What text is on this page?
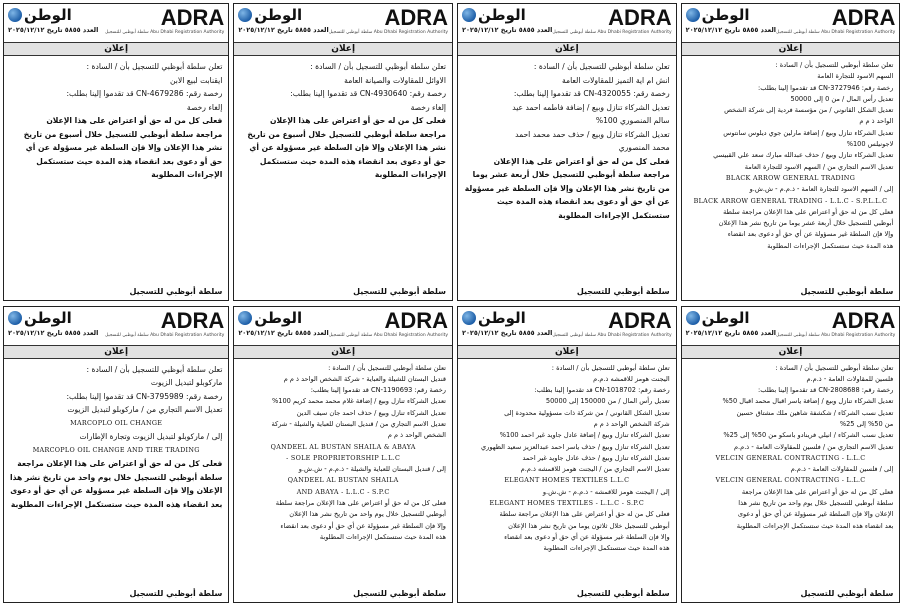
الوطن
العدد ٥٨٥٥ تاريخ ٢٠٢٥/١٢/١٢	ADRA
سلطة أبوظبي للتسجيل Abu Dhabi Registration Authority
إعلان
تعلن سلطة أبوظبي للتسجيل بأن / السادة :
ايقنابت لبيع الابن
رخصة رقم: CN-4679286 قد تقدموا إلينا بطلب:
إلغاء رخصة
فعلى كل من له حق أو اعتراض على هذا الإعلان
مراجعة سلطة أبوظبي للتسجيل خلال أسبوع من تاريخ
نشر هذا الإعلان وإلا فإن السلطة غير مسؤولة عن أي
حق أو دعوى بعد انقضاء هذه المدة حيث ستستكمل
الإجراءات المطلوبة
سلطة أبوظبي للتسجيل
الوطن
العدد ٥٨٥٥ تاريخ ٢٠٢٥/١٢/١٢	ADRA
سلطة أبوظبي للتسجيل Abu Dhabi Registration Authority
إعلان
تعلن سلطة أبوظبي للتسجيل بأن / السادة :
الاوائل للمقاولات والصيانة العامة
رخصة رقم: CN-4930640 قد تقدموا إلينا بطلب:
إلغاء رخصة
فعلى كل من له حق أو اعتراض على هذا الإعلان
مراجعة سلطة أبوظبي للتسجيل خلال أسبوع من تاريخ
نشر هذا الإعلان وإلا فإن السلطة غير مسؤولة عن أي
حق أو دعوى بعد انقضاء هذه المدة حيث ستستكمل
الإجراءات المطلوبة
سلطة أبوظبي للتسجيل
الوطن
العدد ٥٨٥٥ تاريخ ٢٠٢٥/١٢/١٢	ADRA
سلطة أبوظبي للتسجيل Abu Dhabi Registration Authority
إعلان
تعلن سلطة أبوظبي للتسجيل بأن / السادة :
انش ام اية التميز للمقاولات العامة
رخصة رقم: CN-4320055 قد تقدموا إلينا بطلب:
تعديل الشركاء تنازل وبيع / إضافة فاطمه احمد عيد
سالم المنصوري 100%
تعديل الشركاء تنازل وبيع / حذف حمد محمد احمد
محمد المنصوري
فعلى كل من له حق أو اعتراض على هذا الإعلان
مراجعة سلطة أبوظبي للتسجيل خلال أربعة عشر يوما
من تاريخ نشر هذا الإعلان وإلا فإن السلطة غير مسؤولة
عن أي حق أو دعوى بعد انقضاء هذه المدة حيث
ستستكمل الإجراءات المطلوبة
سلطة أبوظبي للتسجيل
الوطن
العدد ٥٨٥٥ تاريخ ٢٠٢٥/١٢/١٢	ADRA
سلطة أبوظبي للتسجيل Abu Dhabi Registration Authority
إعلان
تعلن سلطة أبوظبي للتسجيل بأن / السادة :
السهم الاسود للتجارة العامة
رخصة رقم: CN-3727946 قد تقدموا إلينا بطلب:
تعديل رأس المال / من 0 إلى 50000
تعديل الشكل القانوني / من مؤسسة فردية إلى شركة الشخص
الواحد ذ م م
تعديل الشركاء تنازل وبيع / إضافة مارلين جوي ديلوس سانتوس
لاجونيلس 100%
تعديل الشركاء تنازل وبيع / حذف عبدالله مبارك سعد علي القبيسي
تعديل الاسم التجاري من / السهم الاسود للتجارة العامة
BLACK ARROW GENERAL TRADING
إلى / السهم الاسود للتجارة العامة - ذ.م.م - ش.ش.و
BLACK ARROW GENERAL TRADING - L.L.C - S.P.L.L.C
فعلى كل من له حق أو اعتراض على هذا الإعلان مراجعة سلطة
أبوظبي للتسجيل خلال أربعة عشر يوما من تاريخ نشر هذا الإعلان
وإلا فإن السلطة غير مسؤولة عن أي حق أو دعوى بعد انقضاء
هذه المدة حيث ستستكمل الإجراءات المطلوبة
سلطة أبوظبي للتسجيل
الوطن
العدد ٥٨٥٥ تاريخ ٢٠٢٥/١٢/١٢	ADRA
سلطة أبوظبي للتسجيل Abu Dhabi Registration Authority
إعلان
تعلن سلطة أبوظبي للتسجيل بأن / السادة :
ماركوبلو لتبديل الزيوت
رخصة رقم: CN-3795989 قد تقدموا إلينا بطلب:
تعديل الاسم التجاري من / ماركوبلو لتبديل الزيوت
MARCOPLO OIL CHANGE
إلى / ماركوبلو لتبديل الزيوت وتجارة الإطارات
MARCOPLO OIL CHANGE AND TIRE TRADING
فعلى كل من له حق أو اعتراض على هذا الإعلان مراجعة
سلطة أبوظبي للتسجيل خلال يوم واحد من تاريخ نشر هذا
الإعلان وإلا فإن السلطة غير مسؤولة عن أي حق أو دعوى
بعد انقضاء هذه المدة حيث ستستكمل الإجراءات المطلوبة
سلطة أبوظبي للتسجيل
الوطن
العدد ٥٨٥٥ تاريخ ٢٠٢٥/١٢/١٢	ADRA
سلطة أبوظبي للتسجيل Abu Dhabi Registration Authority
إعلان
تعلن سلطة أبوظبي للتسجيل بأن / السادة :
قنديل البستان للشيلة والعباية - شركة الشخص الواحد ذ م م
رخصة رقم: CN-1190693 قد تقدموا إلينا بطلب:
تعديل الشركاء تنازل وبيع / إضافة غلام محمد محمد كريم 100%
تعديل الشركاء تنازل وبيع / حذف احمد جان سيف الدين
تعديل الاسم التجاري من / قنديل البستان للعباية والشيلة - شركة
الشخص الواحد ذ م م
QANDEEL AL BUSTAN SHAILA & ABAYA
- SOLE PROPRIETORSHIP L.L.C
إلى / قنديل البستان للعباية والشيلة - ذ.م.م - ش.ش.و
QANDEEL AL BUSTAN SHAILA
AND ABAYA - L.L.C - S.P.C
فعلى كل من له حق أو اعتراض على هذا الإعلان مراجعة سلطة
أبوظبي للتسجيل خلال يوم واحد من تاريخ نشر هذا الإعلان
وإلا فإن السلطة غير مسؤولة عن أي حق أو دعوى بعد انقضاء
هذه المدة حيث ستستكمل الإجراءات المطلوبة
سلطة أبوظبي للتسجيل
الوطن
العدد ٥٨٥٥ تاريخ ٢٠٢٥/١٢/١٢	ADRA
سلطة أبوظبي للتسجيل Abu Dhabi Registration Authority
إعلان
تعلن سلطة أبوظبي للتسجيل بأن / السادة :
اليجنت هومز للاقمشه ذ.م.م
رخصة رقم: CN-1018702 قد تقدموا إلينا بطلب:
تعديل رأس المال / من 150000 إلى 50000
تعديل الشكل القانوني / من شركة ذات مسؤولية محدودة إلى
شركة الشخص الواحد ذ م م
تعديل الشركاء تنازل وبيع / إضافة عادل جاويد غير احمد 100%
تعديل الشركاء تنازل وبيع / حذف ياسر احمد عبدالعزيز سعيد الظهوري
تعديل الشركاء تنازل وبيع / حذف عادل جاويد غير احمد
تعديل الاسم التجاري من / اليجنت هومز للاقمشه ذ.م.م
ELEGANT HOMES TEXTILES L.L.C
إلى / اليجنت هومز للاقمشه - ذ.م.م - ش.ش.و
ELEGANT HOMES TEXTILES - L.L.C - S.P.C
فعلى كل من له حق أو اعتراض على هذا الإعلان مراجعة سلطة
أبوظبي للتسجيل خلال ثلاثون يوما من تاريخ نشر هذا الإعلان
وإلا فإن السلطة غير مسؤولة عن أي حق أو دعوى بعد انقضاء
هذه المدة حيث ستستكمل الإجراءات المطلوبة
سلطة أبوظبي للتسجيل
الوطن
العدد ٥٨٥٥ تاريخ ٢٠٢٥/١٢/١٢	ADRA
سلطة أبوظبي للتسجيل Abu Dhabi Registration Authority
إعلان
تعلن سلطة أبوظبي للتسجيل بأن / السادة :
فلسين للمقاولات العامة - ذ.م.م
رخصة رقم: CN-2808688 قد تقدموا إلينا بطلب:
تعديل الشركاء تنازل وبيع / إضافة ياسر اقبال محمد اقبال 50%
تعديل نسب الشركاء / شكشفة شاهين ملك مشتاق حسين
من 50% إلى 25%
تعديل نسب الشركاء / انيلي فرينادو باسكو من 50% إلى 25%
تعديل الاسم التجاري من / فلسين للمقاولات العامة - ذ.م.م
VELCIN GENERAL CONTRACTING - L.L.C
إلى / فلسين للمقاولات العامة - ذ.م.م
VELCIN GENERAL CONTRACTING - L.L.C
فعلى كل من له حق أو اعتراض على هذا الإعلان مراجعة
سلطة أبوظبي للتسجيل خلال يوم واحد من تاريخ نشر هذا
الإعلان وإلا فإن السلطة غير مسؤولة عن أي حق أو دعوى
بعد انقضاء هذه المدة حيث ستستكمل الإجراءات المطلوبة
سلطة أبوظبي للتسجيل
